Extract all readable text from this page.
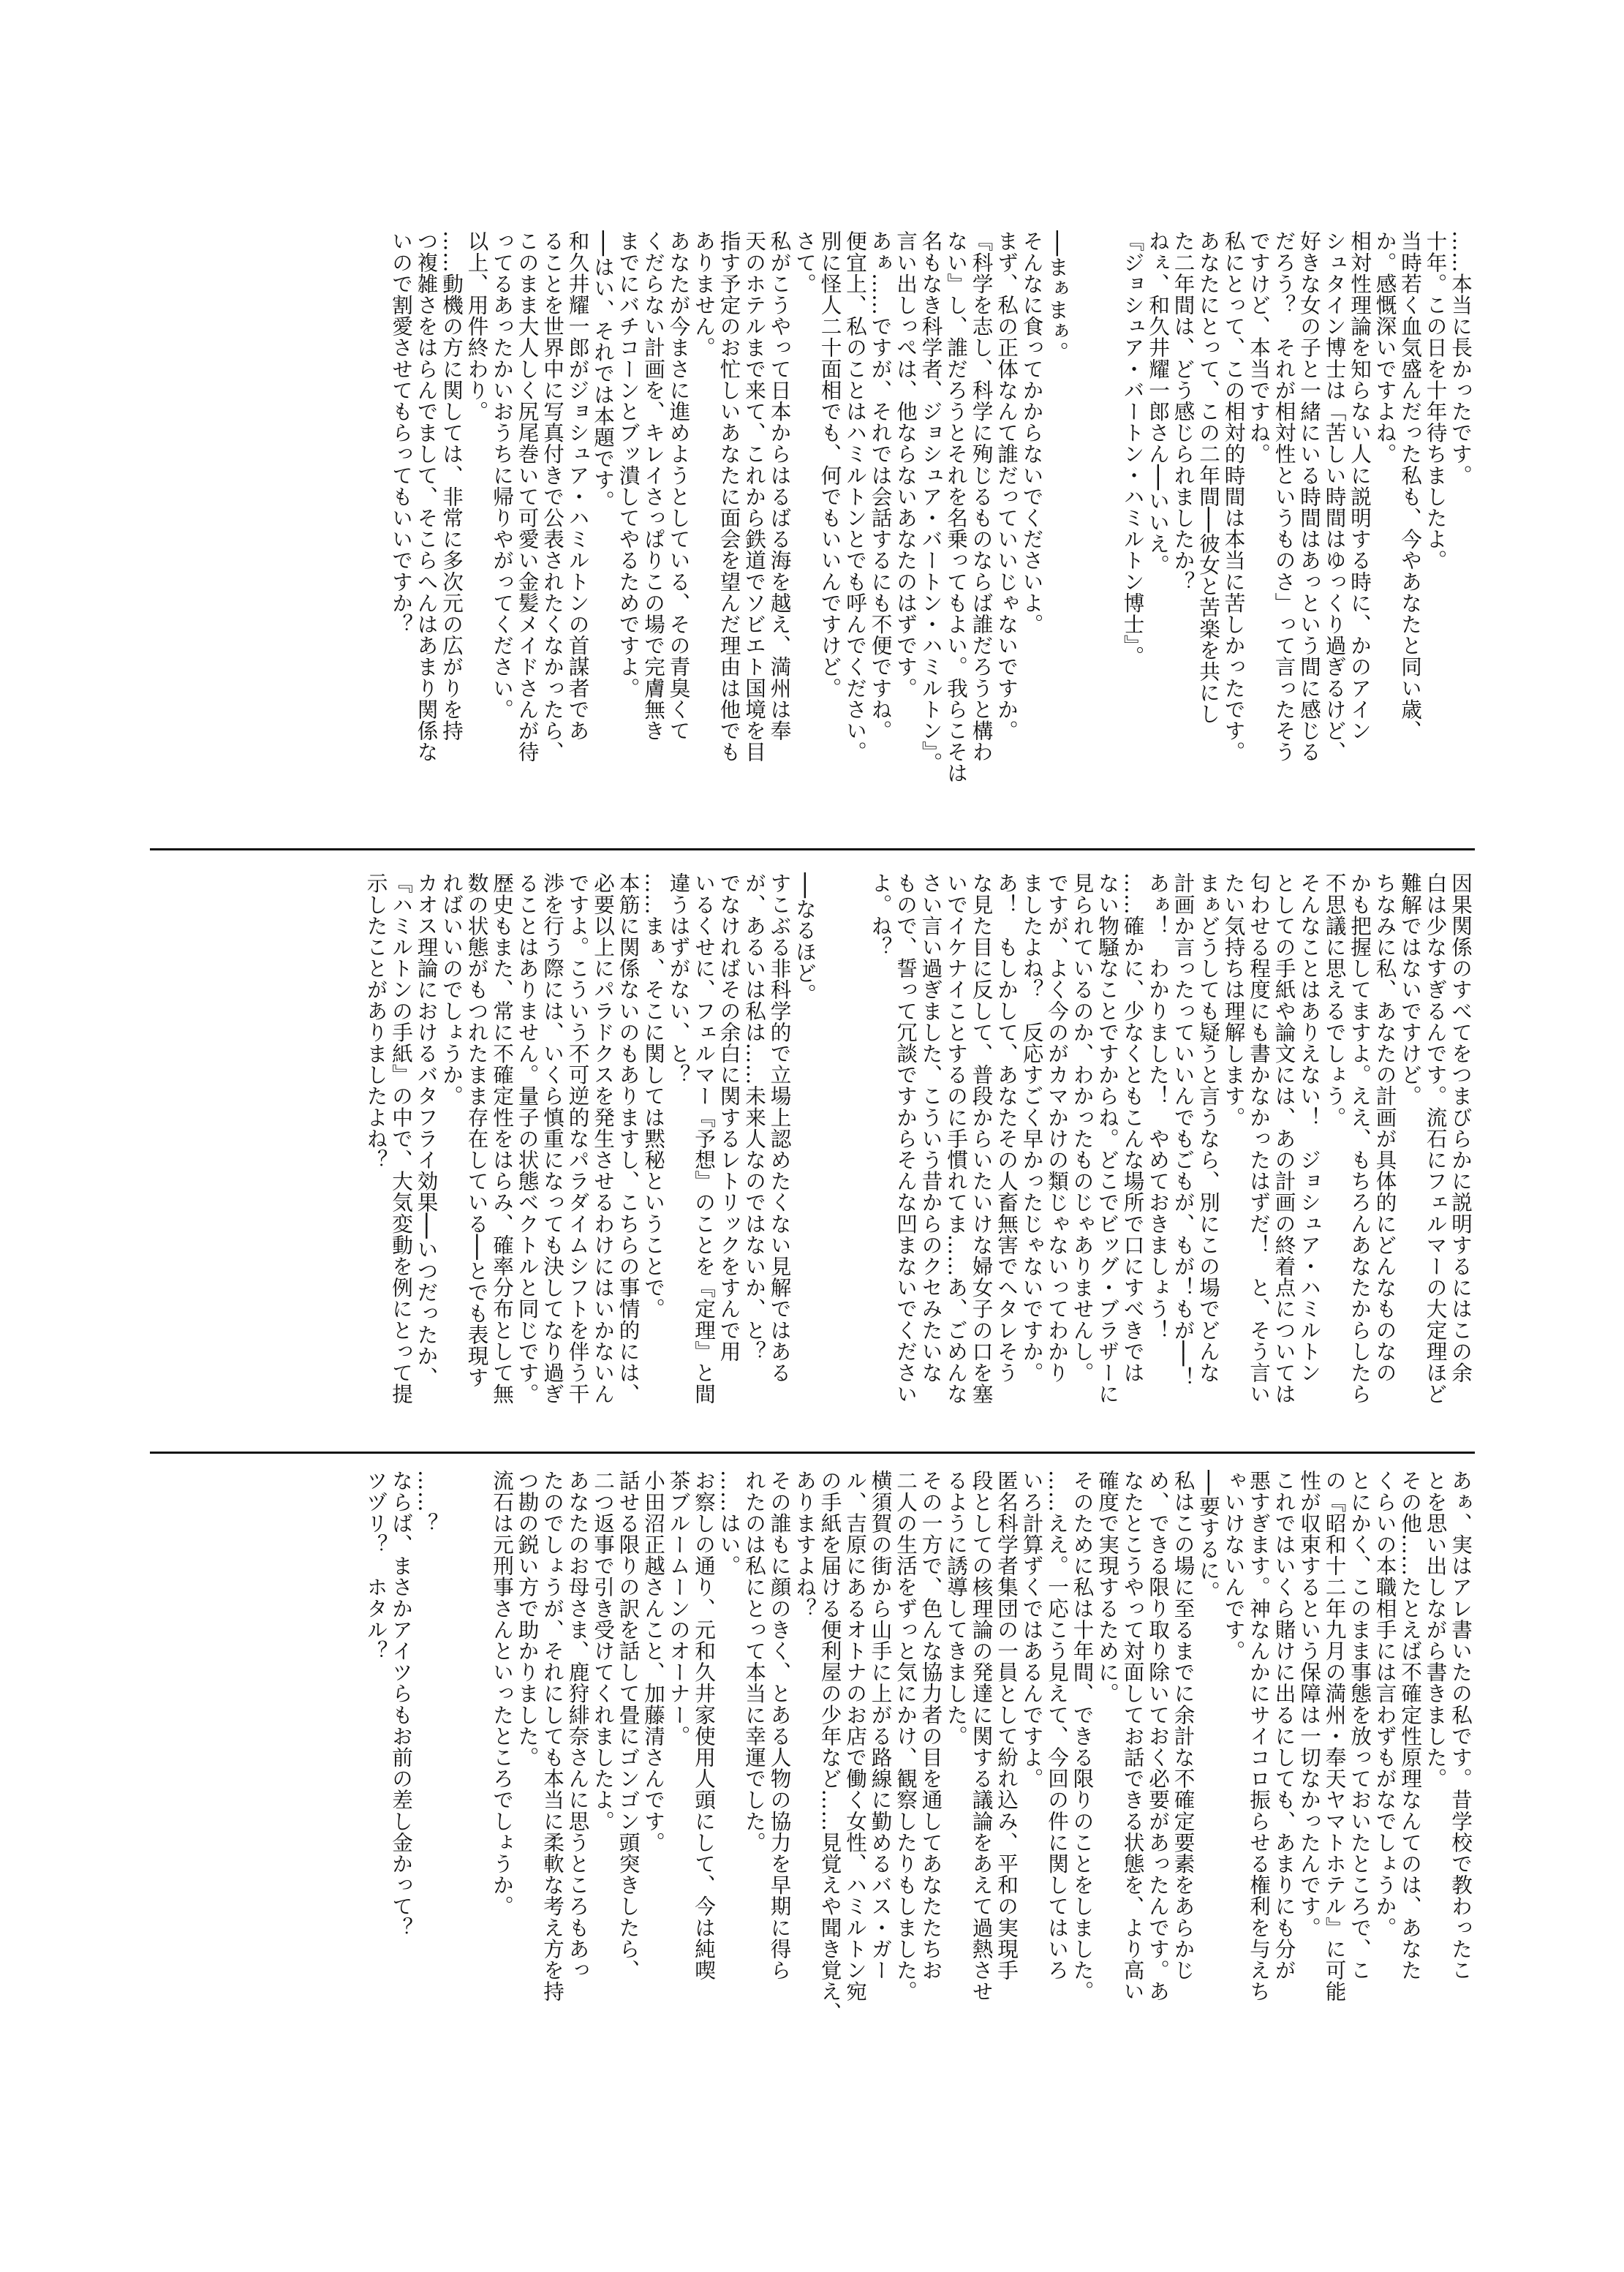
……本当に長かったです。

十年。この日を十年待ちましたよ。

当時若く血気盛んだった私も、今やあなたと同い歳、

か。感慨深いですよね。

相対性理論を知らない人に説明する時に、かのアイン

シュタイン博士は「苦しい時間はゆっくり過ぎるけど、

好きな女の子と一緒にいる時間はあっという間に感じる

だろう？　それが相対性というものさ」って言ったそう

ですけど、本当ですね。

私にとって、この相対的時間は本当に苦しかったです。

あなたにとって、この二年間──彼女と苦楽を共にし

た二年間は、どう感じられましたか？

ねぇ、和久井耀一郎さん──いいえ。

『ジョシュア・バートン・ハミルトン博士』。

──まぁまぁ。

そんなに食ってかからないでくださいよ。

まず、私の正体なんて誰だっていいじゃないですか。

『科学を志し、科学に殉じるものならば誰だろうと構わ

ない』し、誰だろうとそれを名乗ってもよい。我らこそは

名もなき科学者、ジョシュア・バートン・ハミルトン』。

言い出しっぺは、他ならないあなたのはずです。

あぁ……ですが、それでは会話するにも不便ですね。

便宜上、私のことはハミルトンとでも呼んでください。

別に怪人二十面相でも、何でもいいんですけど。

さて。

私がこうやって日本からはるばる海を越え、満州は奉

天のホテルまで来て、これから鉄道でソビエト国境を目

指す予定のお忙しいあなたに面会を望んだ理由は他でも

ありません。

あなたが今まさに進めようとしている、その青臭くて

くだらない計画を、キレイさっぱりこの場で完膚無き

までにバチコーンとブッ潰してやるためですよ。

──はい、それでは本題です。

和久井耀一郎がジョシュア・ハミルトンの首謀者であ

ることを世界中に写真付きで公表されたくなかったら、

このまま大人しく尻尾巻いて可愛い金髪メイドさんが待

ってるあったかいおうちに帰りやがってください。

以上、用件終わり。

……動機の方に関しては、非常に多次元の広がりを持

つ複雑さをはらんでまして、そこらへんはあまり関係な

いので割愛させてもらってもいいですか？

因果関係のすべてをつまびらかに説明するにはこの余

白は少なすぎるんです。流石にフェルマーの大定理ほど

難解ではないですけど。

ちなみに私、あなたの計画が具体的にどんなものなの

かも把握してますよ。ええ、もちろんあなたからしたら

不思議に思えるでしょう。

そんなことはありえない！　ジョシュア・ハミルトン

としての手紙や論文には、あの計画の終着点については

匂わせる程度にも書かなかったはずだ！　と、そう言い

たい気持ちは理解します。

まぁどうしても疑うと言うなら、別にこの場でどんな

計画か言ったっていいんでもごもが、もが！もが──！

あぁ！　わかりました！　やめておきましょう！

……確かに、少なくともこんな場所で口にすべきでは

ない物騒なことですからね。どこでビッグ・ブラザーに

見られているのか、わかったものじゃありませんし。

ですが、よく今のがカマかけの類じゃないってわかり

ましたよね？　反応すごく早かったじゃないですか。

あ！　もしかして、あなたその人畜無害でヘタレそう

な見た目に反して、普段からいたいけな婦女子の口を塞

いでイケナイことするのに手慣れてま……あ、ごめんな

さい言い過ぎました、こういう昔からのクセみたいな

もので、誓って冗談ですからそんな凹まないでください

よ。ね？

──なるほど。

すこぶる非科学的で立場上認めたくない見解ではある

が、あるいは私は……未来人なのではないか、と？

でなければその余白に関するレトリックをすんで用

いるくせに、フェルマー『予想』のことを『定理』と間

違うはずがない、と？

……まぁ、そこに関しては黙秘ということで。

本筋に関係ないのもありますし、こちらの事情的には、

必要以上にパラドクスを発生させるわけにはいかないん

ですよ。こういう不可逆的なパラダイムシフトを伴う干

渉を行う際には、いくら慎重になっても決してなり過ぎ

ることはありません。量子の状態ベクトルと同じです。

歴史もまた、常に不確定性をはらみ、確率分布として無

数の状態がもつれたまま存在している──とでも表現す

ればいいのでしょうか。

カオス理論におけるバタフライ効果──いつだったか、

『ハミルトンの手紙』の中で、大気変動を例にとって提

示したことがありましたよね？

あぁ、実はアレ書いたの私です。昔学校で教わったこ

とを思い出しながら書きました。

その他……たとえば不確定性原理なんてのは、あなた

くらいの本職相手には言わずもがなでしょうか。

とにかく、このまま事態を放っておいたところで、こ

の『昭和十二年九月の満州・奉天ヤマトホテル』に可能

性が収束するという保障は一切なかったんです。

これではいくら賭けに出るにしても、あまりにも分が

悪すぎます。神なんかにサイコロ振らせる権利を与えち

ゃいけないんです。

──要するに。

私はこの場に至るまでに余計な不確定要素をあらかじ

め、できる限り取り除いておく必要があったんです。あ

なたとこうやって対面してお話できる状態を、より高い

確度で実現するために。

そのために私は十年間、できる限りのことをしました。

……ええ。一応こう見えて、今回の件に関してはいろ

いろ計算ずくではあるんですよ。

匿名科学者集団の一員として紛れ込み、平和の実現手

段としての核理論の発達に関する議論をあえて過熱させ

るように誘導してきました。

その一方で、色んな協力者の目を通してあなたたちお

二人の生活をずっと気にかけ、観察したりもしました。

横須賀の街から山手に上がる路線に勤めるバス・ガー

ル、吉原にあるオトナのお店で働く女性、ハミルトン宛

の手紙を届ける便利屋の少年など……見覚えや聞き覚え、

ありますよね？

その誰もに顔のきく、とある人物の協力を早期に得ら

れたのは私にとって本当に幸運でした。

……はい。

お察しの通り、元和久井家使用人頭にして、今は純喫

茶ブルームーンのオーナー。

小田沼正越さんこと、加藤清さんです。

話せる限りの訳を話して畳にゴンゴン頭突きしたら、

二つ返事で引き受けてくれましたよ。

あなたのお母さま、鹿狩緋奈さんに思うところもあっ

たのでしょうが、それにしても本当に柔軟な考え方を持

つ勘の鋭い方で助かりました。

流石は元刑事さんといったところでしょうか。

……？

ならば、まさかアイツらもお前の差し金かって？

ツヅリ？　ホタル？
